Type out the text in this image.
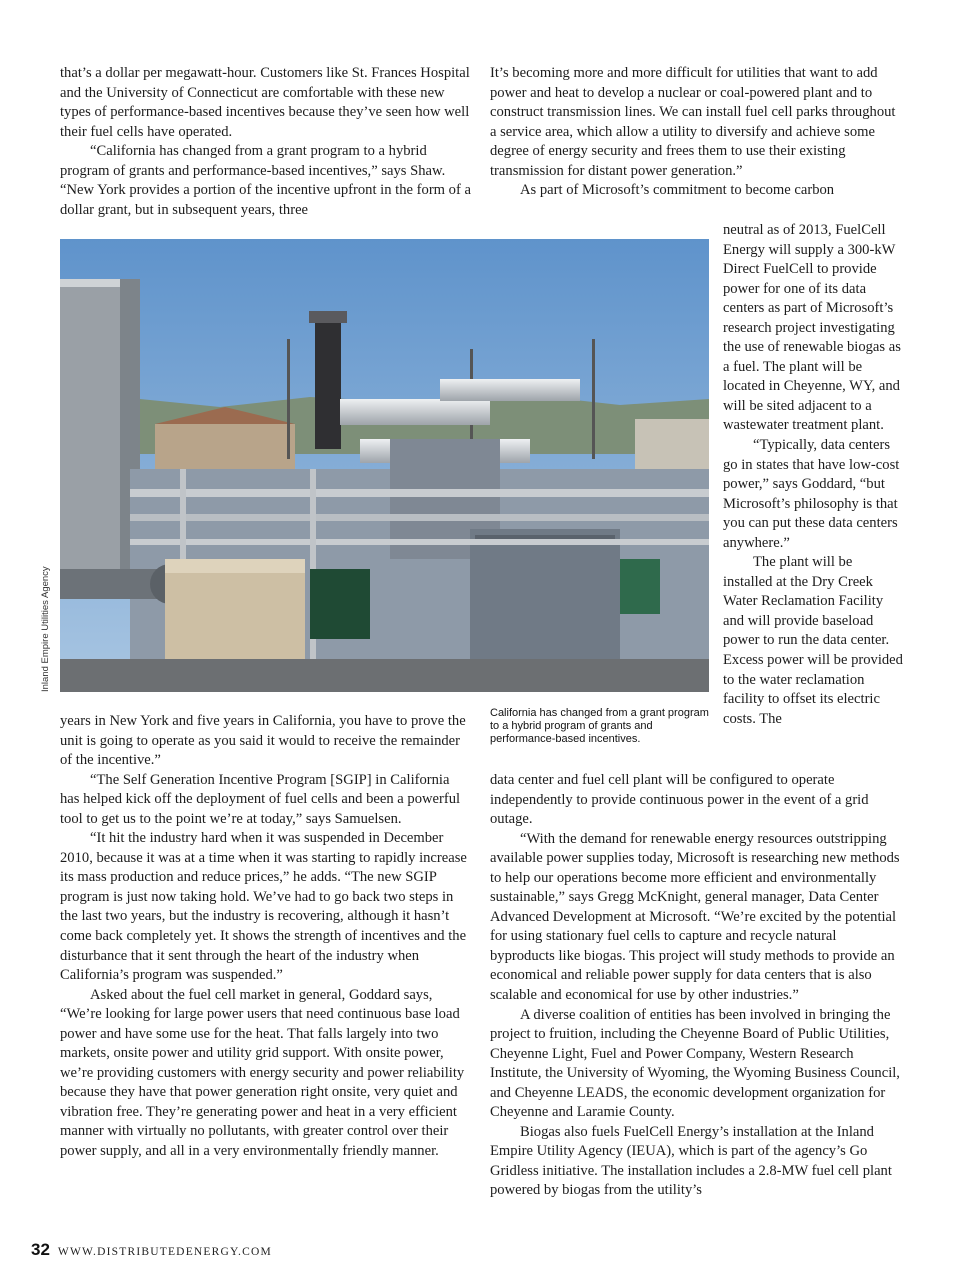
that’s a dollar per megawatt-hour. Customers like St. Frances Hospital and the University of Connecticut are comfortable with these new types of performance-based incentives because they’ve seen how well their fuel cells have operated.

“California has changed from a grant program to a hybrid program of grants and performance-based incentives,” says Shaw. “New York provides a portion of the incentive upfront in the form of a dollar grant, but in subsequent years, three

Inland Empire Utilities Agency
California has changed from a grant program to a hybrid program of grants and performance-based incentives.

years in New York and five years in California, you have to prove the unit is going to operate as you said it would to receive the remainder of the incentive.”

“The Self Generation Incentive Program [SGIP] in California has helped kick off the deployment of fuel cells and been a powerful tool to get us to the point we’re at today,” says Samuelsen.

“It hit the industry hard when it was suspended in December 2010, because it was at a time when it was starting to rapidly increase its mass production and reduce prices,” he adds. “The new SGIP program is just now taking hold. We’ve had to go back two steps in the last two years, but the industry is recovering, although it hasn’t come back completely yet. It shows the strength of incentives and the disturbance that it sent through the heart of the industry when California’s program was suspended.”

Asked about the fuel cell market in general, Goddard says, “We’re looking for large power users that need continuous base load power and have some use for the heat. That falls largely into two markets, onsite power and utility grid support. With onsite power, we’re providing customers with energy security and power reliability because they have that power generation right onsite, very quiet and vibration free. They’re generating power and heat in a very efficient manner with virtually no pollutants, with greater control over their power supply, and all in a very environmentally friendly manner.

It’s becoming more and more difficult for utilities that want to add power and heat to develop a nuclear or coal-powered plant and to construct transmission lines. We can install fuel cell parks throughout a service area, which allow a utility to diversify and achieve some degree of energy security and frees them to use their existing transmission for distant power generation.”

As part of Microsoft’s commitment to become carbon

neutral as of 2013, FuelCell Energy will supply a 300-kW Direct FuelCell to provide power for one of its data centers as part of Microsoft’s research project investigating the use of renewable biogas as a fuel. The plant will be located in Cheyenne, WY, and will be sited adjacent to a wastewater treatment plant.

“Typically, data centers go in states that have low-cost power,” says Goddard, “but Microsoft’s philosophy is that you can put these data centers anywhere.”

The plant will be installed at the Dry Creek Water Reclamation Facility and will provide baseload power to run the data center. Excess power will be provided to the water reclamation facility to offset its electric costs. The

data center and fuel cell plant will be configured to operate independently to provide continuous power in the event of a grid outage.

“With the demand for renewable energy resources outstripping available power supplies today, Microsoft is researching new methods to help our operations become more efficient and environmentally sustainable,” says Gregg McKnight, general manager, Data Center Advanced Development at Microsoft. “We’re excited by the potential for using stationary fuel cells to capture and recycle natural byproducts like biogas. This project will study methods to provide an economical and reliable power supply for data centers that is also scalable and economical for use by other industries.”

A diverse coalition of entities has been involved in bringing the project to fruition, including the Cheyenne Board of Public Utilities, Cheyenne Light, Fuel and Power Company, Western Research Institute, the University of Wyoming, the Wyoming Business Council, and Cheyenne LEADS, the economic development organization for Cheyenne and Laramie County.

Biogas also fuels FuelCell Energy’s installation at the Inland Empire Utility Agency (IEUA), which is part of the agency’s Go Gridless initiative. The installation includes a 2.8-MW fuel cell plant powered by biogas from the utility’s

32 WWW.DISTRIBUTEDENERGY.COM
